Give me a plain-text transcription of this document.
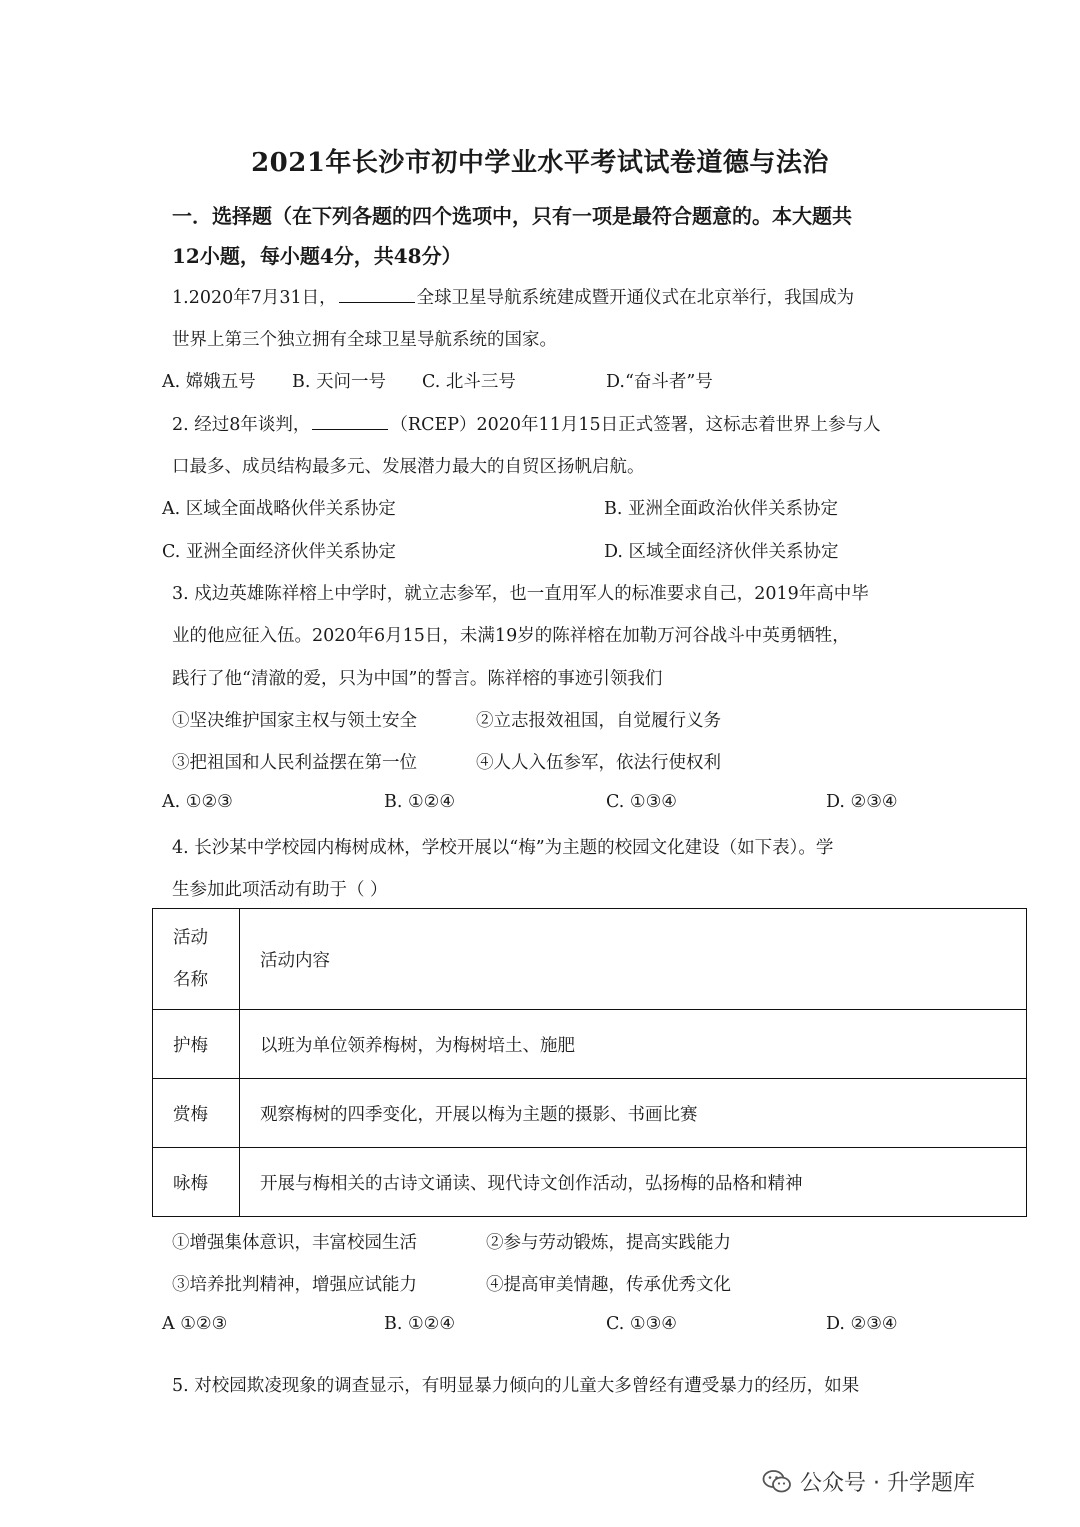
2021年长沙市初中学业水平考试试卷道德与法治
一．选择题（在下列各题的四个选项中，只有一项是最符合题意的。本大题共
12小题，每小题4分，共48分）
1.2020年7月31日，	全球卫星导航系统建成暨开通仪式在北京举行，我国成为
世界上第三个独立拥有全球卫星导航系统的国家。
A. 嫦娥五号 B. 天问一号 C. 北斗三号	D.“奋斗者”号
2. 经过8年谈判，	（RCEP）2020年11月15日正式签署，这标志着世界上参与人
口最多、成员结构最多元、发展潜力最大的自贸区扬帆启航。
A. 区域全面战略伙伴关系协定	B. 亚洲全面政治伙伴关系协定
C. 亚洲全面经济伙伴关系协定	D. 区域全面经济伙伴关系协定
3. 戍边英雄陈祥榕上中学时，就立志参军，也一直用军人的标准要求自己，2019年高中毕
业的他应征入伍。2020年6月15日，未满19岁的陈祥榕在加勒万河谷战斗中英勇牺牲，
践行了他“清澈的爱，只为中国”的誓言。陈祥榕的事迹引领我们
①坚决维护国家主权与领土安全	②立志报效祖国，自觉履行义务
③把祖国和人民利益摆在第一位	④人人入伍参军，依法行使权利
A. ①②③	B. ①②④	C. ①③④	D. ②③④
4. 长沙某中学校园内梅树成林，学校开展以“梅”为主题的校园文化建设（如下表）。学
生参加此项活动有助于（ ）
活动
名称	活动内容
护梅	以班为单位领养梅树，为梅树培土、施肥
赏梅	观察梅树的四季变化，开展以梅为主题的摄影、书画比赛
咏梅	开展与梅相关的古诗文诵读、现代诗文创作活动，弘扬梅的品格和精神
①增强集体意识，丰富校园生活	②参与劳动锻炼，提高实践能力
③培养批判精神，增强应试能力	④提高审美情趣，传承优秀文化
A ①②③	B. ①②④	C. ①③④	D. ②③④
5. 对校园欺凌现象的调查显示，有明显暴力倾向的儿童大多曾经有遭受暴力的经历，如果
公众号 · 升学题库
